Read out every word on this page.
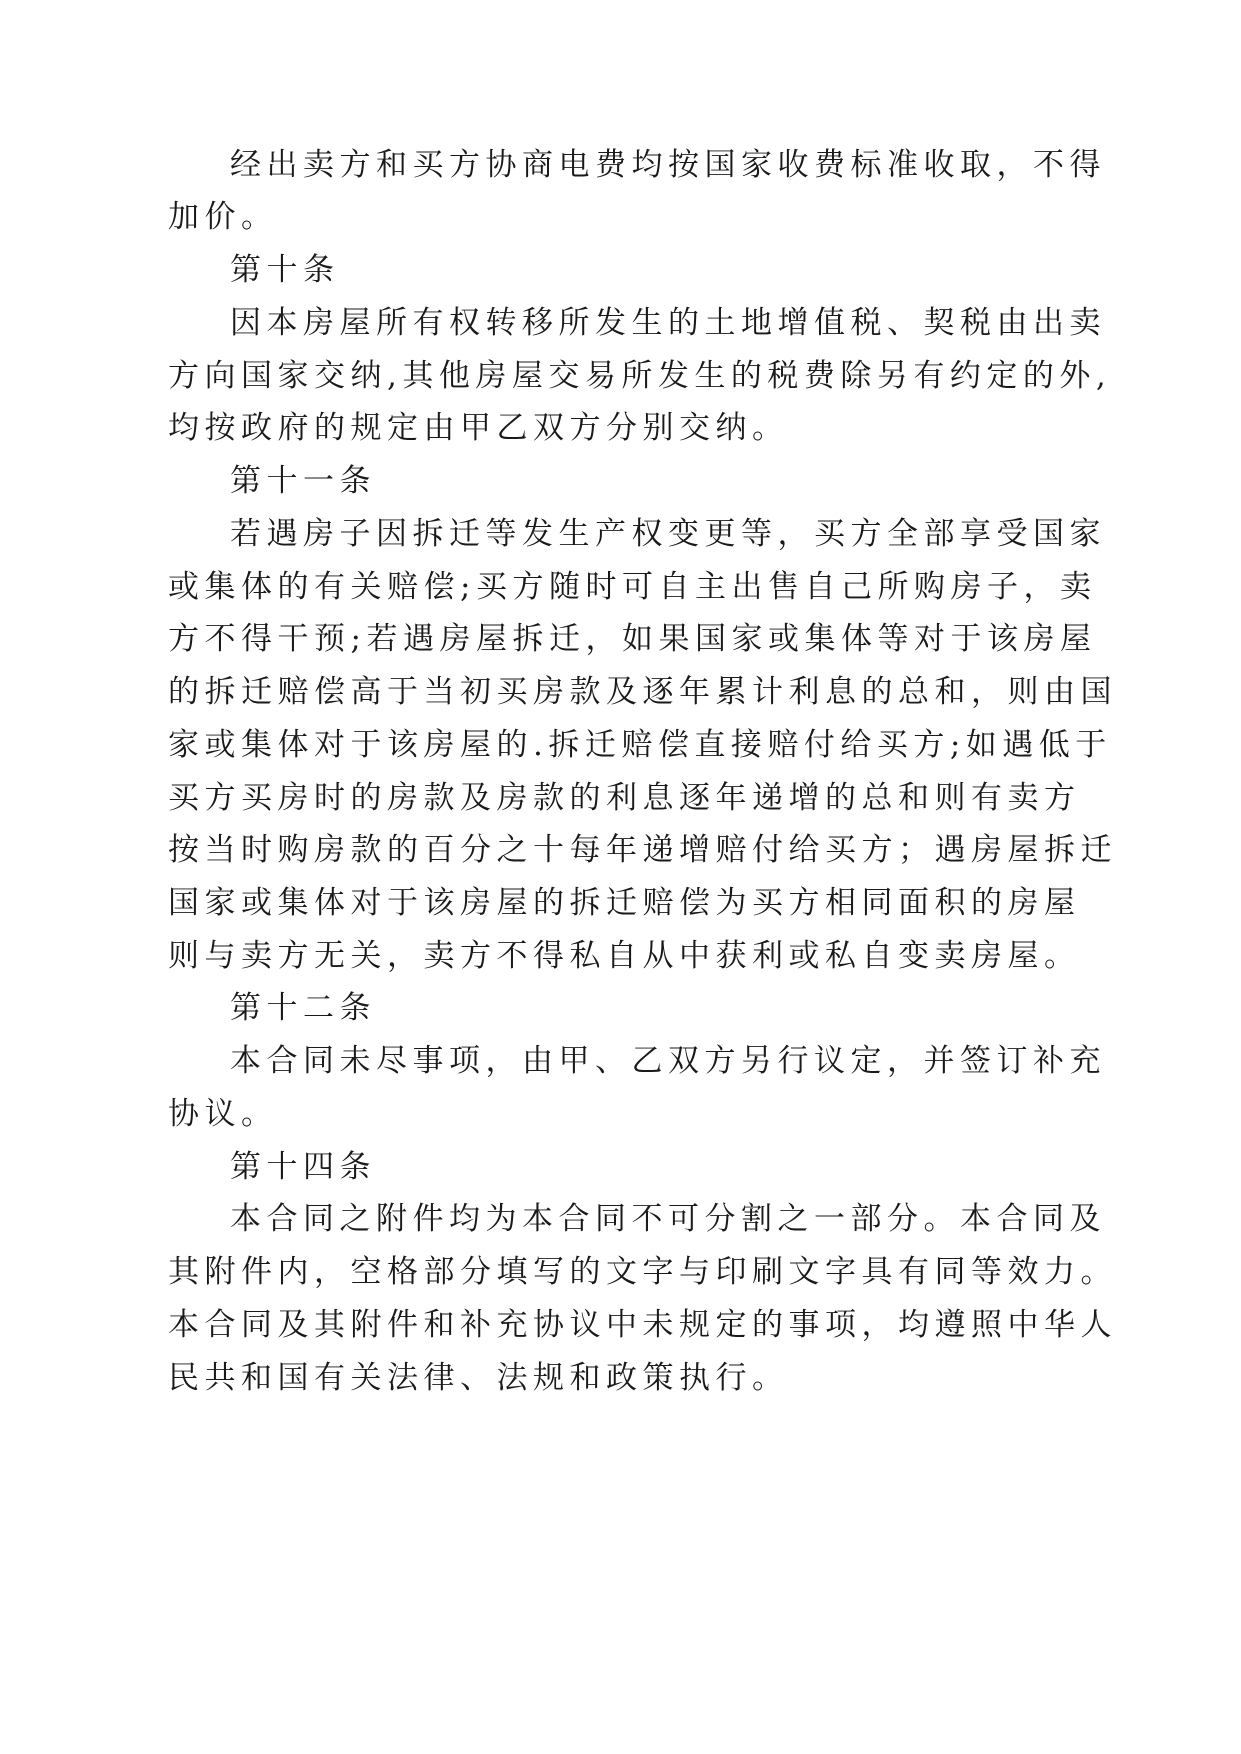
经出卖方和买方协商电费均按国家收费标准收取，不得
加价。
第十条
因本房屋所有权转移所发生的土地增值税、契税由出卖
方向国家交纳,其他房屋交易所发生的税费除另有约定的外,
均按政府的规定由甲乙双方分别交纳。
第十一条
若遇房子因拆迁等发生产权变更等，买方全部享受国家
或集体的有关赔偿;买方随时可自主出售自己所购房子，卖
方不得干预;若遇房屋拆迁，如果国家或集体等对于该房屋
的拆迁赔偿高于当初买房款及逐年累计利息的总和，则由国
家或集体对于该房屋的.拆迁赔偿直接赔付给买方;如遇低于
买方买房时的房款及房款的利息逐年递增的总和则有卖方
按当时购房款的百分之十每年递增赔付给买方；遇房屋拆迁
国家或集体对于该房屋的拆迁赔偿为买方相同面积的房屋
则与卖方无关，卖方不得私自从中获利或私自变卖房屋。
第十二条
本合同未尽事项，由甲、乙双方另行议定，并签订补充
协议。
第十四条
本合同之附件均为本合同不可分割之一部分。本合同及
其附件内，空格部分填写的文字与印刷文字具有同等效力。
本合同及其附件和补充协议中未规定的事项，均遵照中华人
民共和国有关法律、法规和政策执行。
